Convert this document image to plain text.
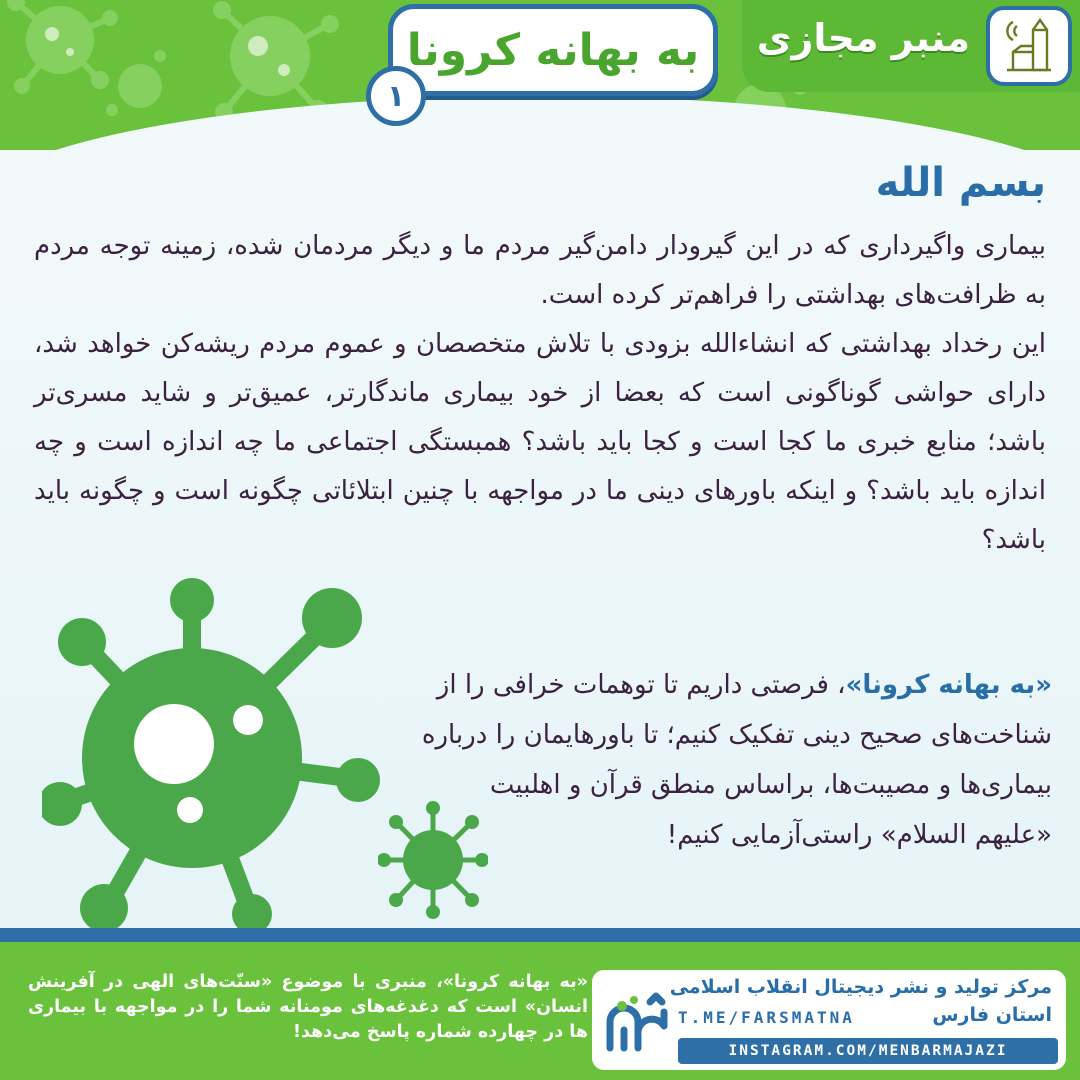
منبر مجازی
به بهانه کرونا
۱
بسم الله

بیماری واگیرداری که در این گیرودار دامن‌گیر مردم ما و دیگر مردمان شده، زمینه توجه مردم به ظرافت‌های بهداشتی را فراهم‌تر کرده است.

این رخداد بهداشتی که انشاءالله بزودی با تلاش متخصصان و عموم مردم ریشه‌کن خواهد شد، دارای حواشی گوناگونی است که بعضا از خود بیماری ماندگارتر، عمیق‌تر و شاید مسری‌تر باشد؛ منابع خبری ما کجا است و کجا باید باشد؟ همبستگی اجتماعی ما چه اندازه است و چه اندازه باید باشد؟ و اینکه باورهای دینی ما در مواجهه با چنین ابتلائاتی چگونه است و چگونه باید باشد؟

«به بهانه کرونا»، فرصتی داریم تا توهمات خرافی را از شناخت‌های صحیح دینی تفکیک کنیم؛ تا باورهایمان را درباره بیماری‌ها و مصیبت‌ها، براساس منطق قرآن و اهلبیت «علیهم السلام» راستی‌آزمایی کنیم!

«به بهانه کرونا»، منبری با موضوع «سنّت‌های الهی در آفرینش انسان» است که دغدغه‌های مومنانه شما را در مواجهه با بیماری ها در چهارده شماره پاسخ می‌دهد!

مرکز تولید و نشر دیجیتال انقلاب اسلامی
T.ME/FARSMATNA	استان فارس
INSTAGRAM.COM/MENBARMAJAZI
